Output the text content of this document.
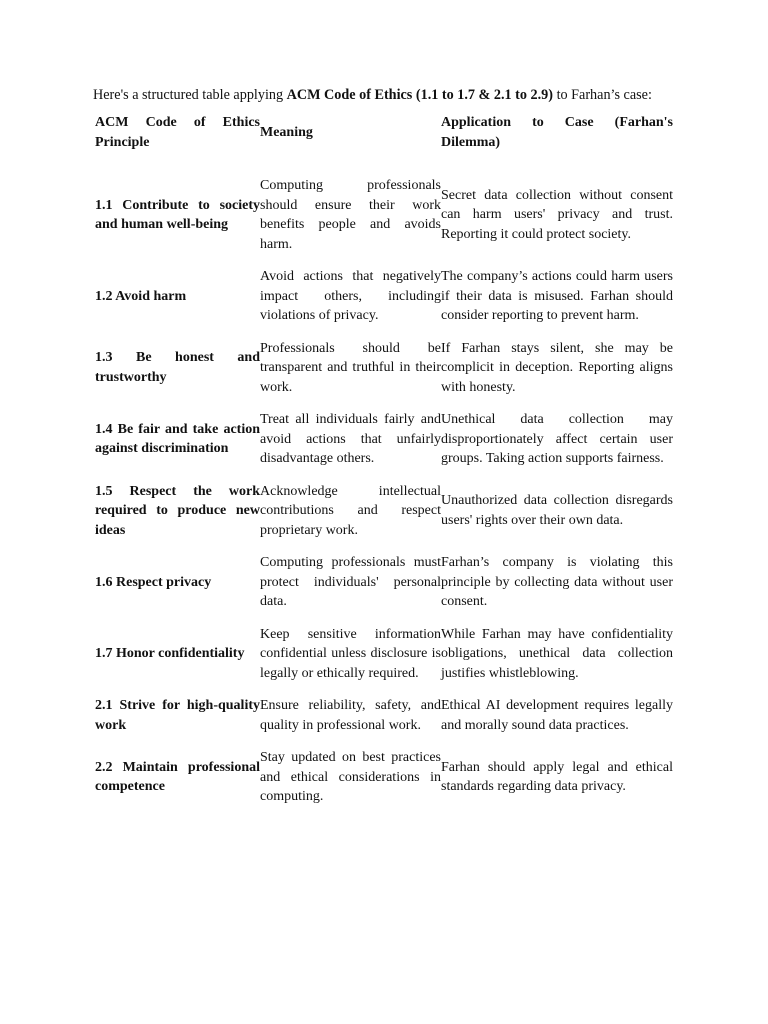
Here's a structured table applying ACM Code of Ethics (1.1 to 1.7 & 2.1 to 2.9) to Farhan’s case:

ACM Code of Ethics Principle	Meaning	Application to Case (Farhan's Dilemma)
1.1 Contribute to society and human well-being	Computing professionals should ensure their work benefits people and avoids harm.	Secret data collection without consent can harm users' privacy and trust. Reporting it could protect society.
1.2 Avoid harm	Avoid actions that negatively impact others, including violations of privacy.	The company’s actions could harm users if their data is misused. Farhan should consider reporting to prevent harm.
1.3 Be honest and trustworthy	Professionals should be transparent and truthful in their work.	If Farhan stays silent, she may be complicit in deception. Reporting aligns with honesty.
1.4 Be fair and take action against discrimination	Treat all individuals fairly and avoid actions that unfairly disadvantage others.	Unethical data collection may disproportionately affect certain user groups. Taking action supports fairness.
1.5 Respect the work required to produce new ideas	Acknowledge intellectual contributions and respect proprietary work.	Unauthorized data collection disregards users' rights over their own data.
1.6 Respect privacy	Computing professionals must protect individuals' personal data.	Farhan’s company is violating this principle by collecting data without user consent.
1.7 Honor confidentiality	Keep sensitive information confidential unless disclosure is legally or ethically required.	While Farhan may have confidentiality obligations, unethical data collection justifies whistleblowing.
2.1 Strive for high-quality work	Ensure reliability, safety, and quality in professional work.	Ethical AI development requires legally and morally sound data practices.
2.2 Maintain professional competence	Stay updated on best practices and ethical considerations in computing.	Farhan should apply legal and ethical standards regarding data privacy.
